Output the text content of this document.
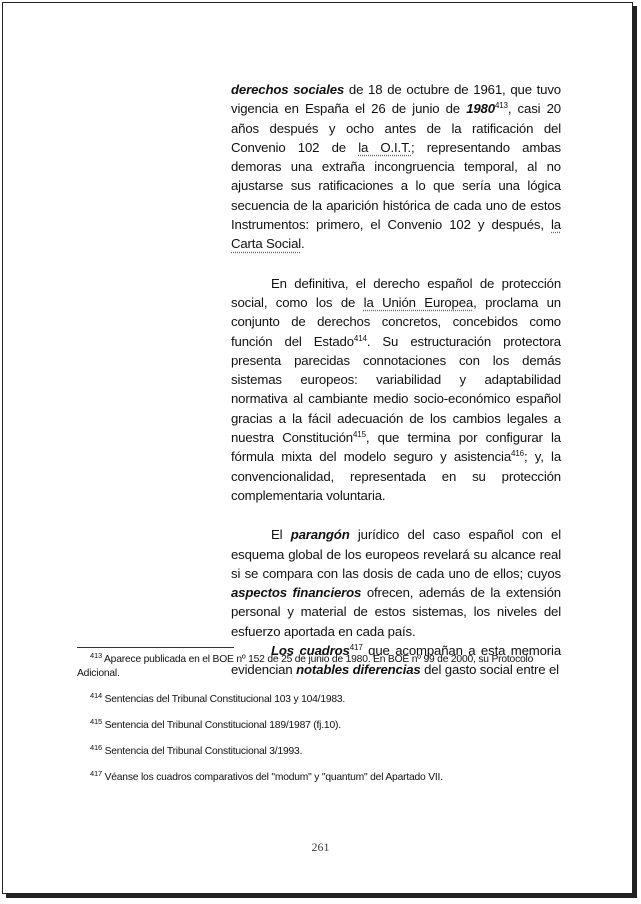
derechos sociales de 18 de octubre de 1961, que tuvo vigencia en España el 26 de junio de 1980$^{413}$, casi 20 años después y ocho antes de la ratificación del Convenio 102 de la O.I.T.; representando ambas demoras una extraña incongruencia temporal, al no ajustarse sus ratificaciones a lo que sería una lógica secuencia de la aparición histórica de cada uno de estos Instrumentos: primero, el Convenio 102 y después, la Carta Social.

En definitiva, el derecho español de protección social, como los de la Unión Europea, proclama un conjunto de derechos concretos, concebidos como función del Estado$^{414}$. Su estructuración protectora presenta parecidas connotaciones con los demás sistemas europeos: variabilidad y adaptabilidad normativa al cambiante medio socio-económico español gracias a la fácil adecuación de los cambios legales a nuestra Constitución$^{415}$, que termina por configurar la fórmula mixta del modelo seguro y asistencia$^{416}$; y, la convencionalidad, representada en su protección complementaria voluntaria.

El parangón jurídico del caso español con el esquema global de los europeos revelará su alcance real si se compara con las dosis de cada uno de ellos; cuyos aspectos financieros ofrecen, además de la extensión personal y material de estos sistemas, los niveles del esfuerzo aportada en cada país.

Los cuadros$^{417}$ que acompañan a esta memoria evidencian notables diferencias del gasto social entre el

$^{413}$ Aparece publicada en el BOE nº 152 de 25 de junio de 1980. En BOE nº 99 de 2000, su Protocolo Adicional.

$^{414}$ Sentencias del Tribunal Constitucional 103 y 104/1983.

$^{415}$ Sentencia del Tribunal Constitucional 189/1987 (fj.10).

$^{416}$ Sentencia del Tribunal Constitucional 3/1993.

$^{417}$ Véanse los cuadros comparativos del "modum" y "quantum" del Apartado VII.

261
